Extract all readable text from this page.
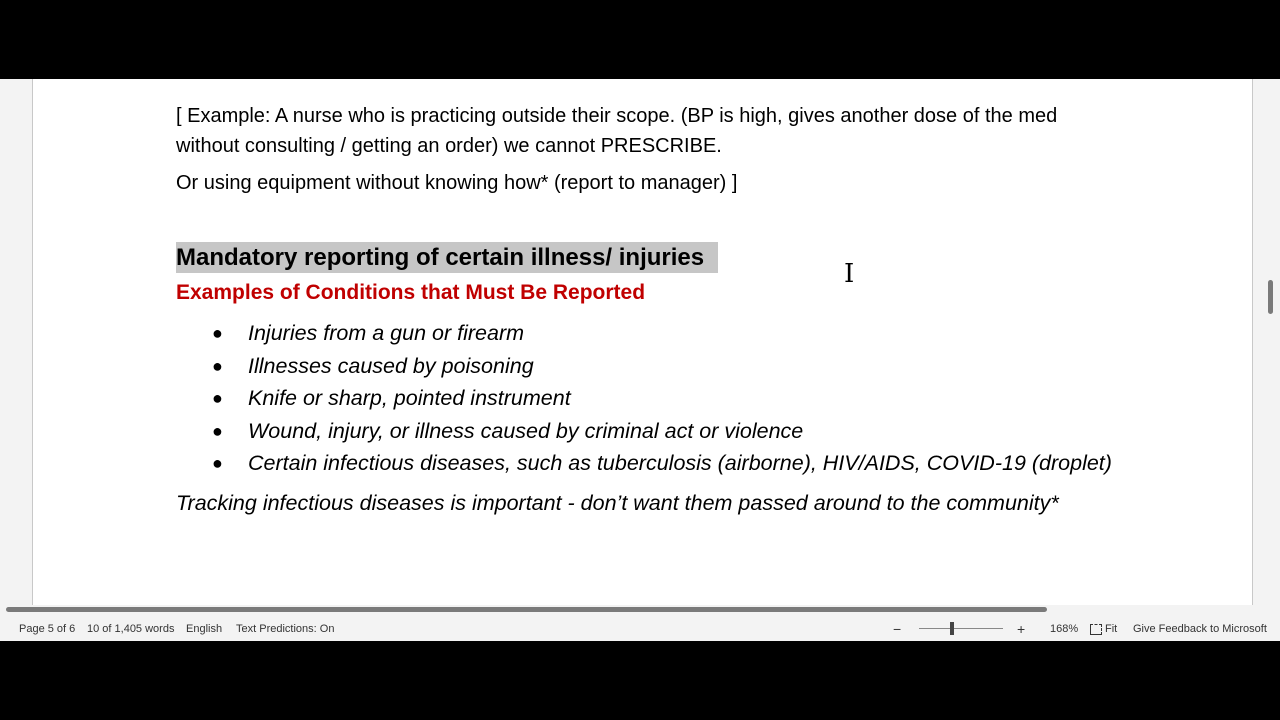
[ Example: A nurse who is practicing outside their scope. (BP is high, gives another dose of the med without consulting / getting an order) we cannot PRESCRIBE.

Or using equipment without knowing how* (report to manager) ]

Mandatory reporting of certain illness/ injuries

Examples of Conditions that Must Be Reported

● Injuries from a gun or firearm
● Illnesses caused by poisoning
● Knife or sharp, pointed instrument
● Wound, injury, or illness caused by criminal act or violence
● Certain infectious diseases, such as tuberculosis (airborne), HIV/AIDS, COVID-19 (droplet)

Tracking infectious diseases is important - don’t want them passed around to the community*

I
Page 5 of 6 10 of 1,405 words English Text Predictions: On	−	+ 168% Fit Give Feedback to Microsoft
